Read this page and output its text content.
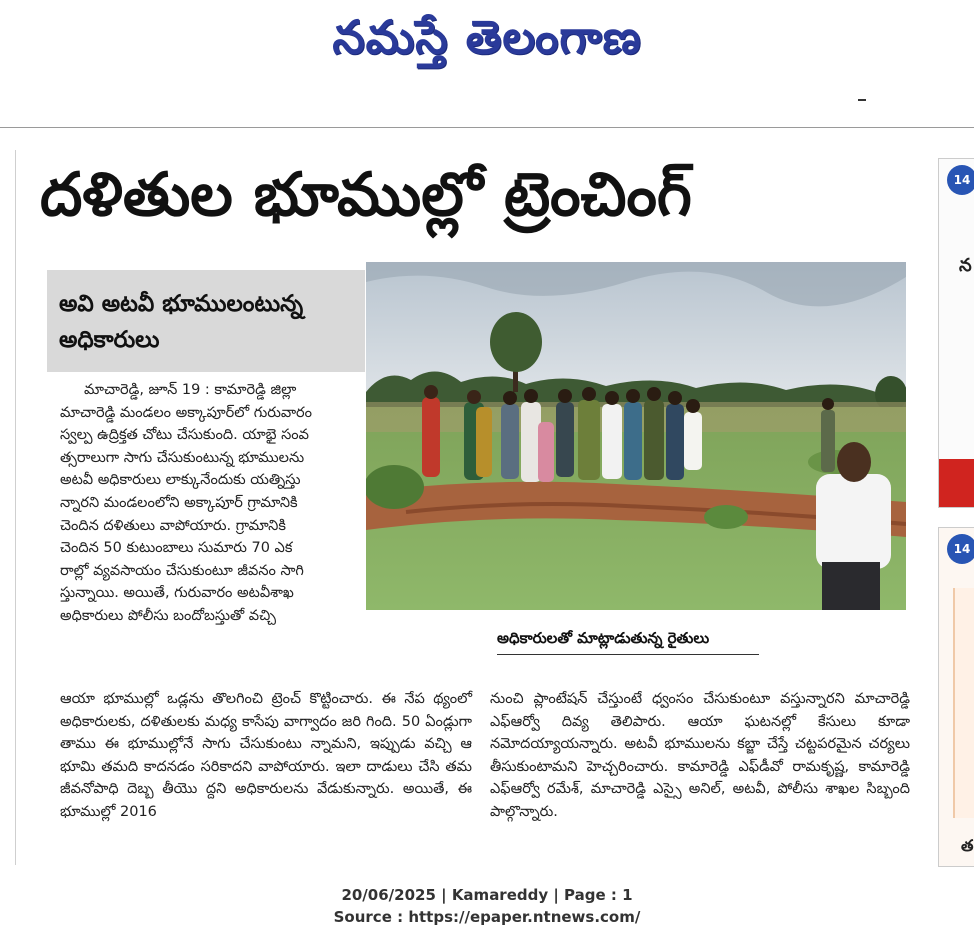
నమస్తే తెలంగాణ
దళితుల భూముల్లో ట్రెంచింగ్
అవి అటవీ భూములంటున్న అధికారులు
అధికారులతో మాట్లాడుతున్న రైతులు
మాచారెడ్డి, జూన్ 19 : కామారెడ్డి జిల్లా
మాచారెడ్డి మండలం అక్కాపూర్‌లో గురువారం
స్వల్ప ఉద్రిక్తత చోటు చేసుకుంది. యాభై సంవ
త్సరాలుగా సాగు చేసుకుంటున్న భూములను
అటవీ అధికారులు లాక్కునేందుకు యత్నిస్తు
న్నారని మండలంలోని అక్కాపూర్ గ్రామానికి
చెందిన దళితులు వాపోయారు. గ్రామానికి
చెందిన 50 కుటుంబాలు సుమారు 70 ఎక
రాల్లో వ్యవసాయం చేసుకుంటూ జీవనం సాగి
స్తున్నాయి. అయితే, గురువారం అటవీశాఖ
అధికారులు పోలీసు బందోబస్తుతో వచ్చి
ఆయా భూముల్లో ఒడ్లను తొలగించి ట్రెంచ్ కొట్టించారు. ఈ నేప థ్యంలో అధికారులకు, దళితులకు మధ్య కాసేపు వాగ్వాదం జరి గింది. 50 ఏండ్లుగా తాము ఈ భూముల్లోనే సాగు చేసుకుంటు న్నామని, ఇప్పుడు వచ్చి ఆ భూమి తమది కాదనడం సరికాదని వాపోయారు. ఇలా దాడులు చేసి తమ జీవనోపాధి దెబ్బ తీయొ ద్దని అధికారులను వేడుకున్నారు. అయితే, ఈ భూముల్లో 2016
నుంచి ప్లాంటేషన్ చేస్తుంటే ధ్వంసం చేసుకుంటూ వస్తున్నారని మాచారెడ్డి ఎఫ్‌ఆర్వో దివ్య తెలిపారు. ఆయా ఘటనల్లో కేసులు కూడా నమోదయ్యాయన్నారు. అటవీ భూములను కబ్జా చేస్తే చట్టపరమైన చర్యలు తీసుకుంటామని హెచ్చరించారు. కామారెడ్డి ఎఫ్‌డీవో రామకృష్ణ, కామారెడ్డి ఎఫ్‌ఆర్వో రమేశ్, మాచారెడ్డి ఎస్సై అనిల్, అటవీ, పోలీసు శాఖల సిబ్బంది పాల్గొన్నారు.
14
న
14
త
20/06/2025 | Kamareddy | Page : 1
Source : https://epaper.ntnews.com/
